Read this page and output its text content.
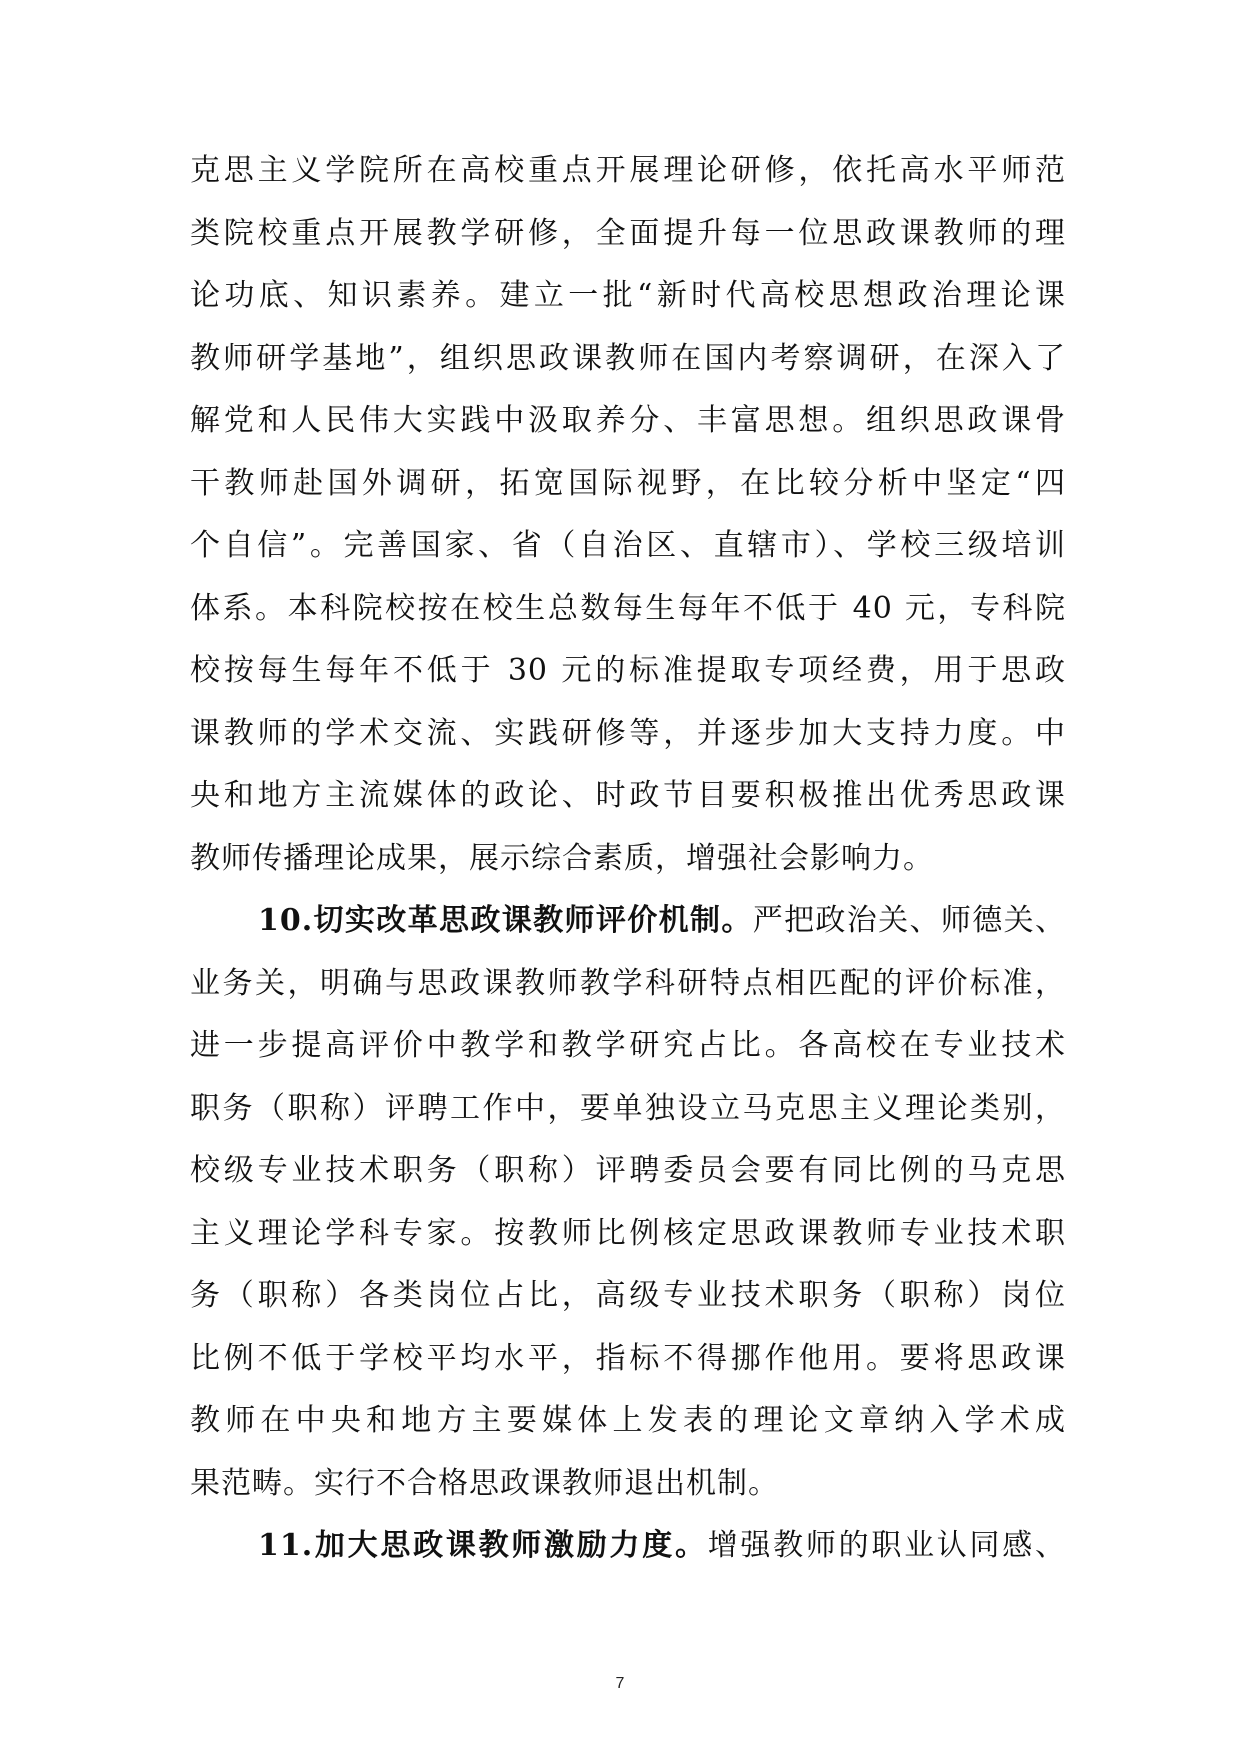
克思主义学院所在高校重点开展理论研修，依托高水平师范
类院校重点开展教学研修，全面提升每一位思政课教师的理
论功底、知识素养。建立一批“新时代高校思想政治理论课
教师研学基地”，组织思政课教师在国内考察调研，在深入了
解党和人民伟大实践中汲取养分、丰富思想。组织思政课骨
干教师赴国外调研，拓宽国际视野，在比较分析中坚定“四
个自信”。完善国家、省（自治区、直辖市）、学校三级培训
体系。本科院校按在校生总数每生每年不低于 40 元，专科院
校按每生每年不低于 30 元的标准提取专项经费，用于思政
课教师的学术交流、实践研修等，并逐步加大支持力度。中
央和地方主流媒体的政论、时政节目要积极推出优秀思政课
教师传播理论成果，展示综合素质，增强社会影响力。
10.切实改革思政课教师评价机制。严把政治关、师德关、
业务关，明确与思政课教师教学科研特点相匹配的评价标准，
进一步提高评价中教学和教学研究占比。各高校在专业技术
职务（职称）评聘工作中，要单独设立马克思主义理论类别，
校级专业技术职务（职称）评聘委员会要有同比例的马克思
主义理论学科专家。按教师比例核定思政课教师专业技术职
务（职称）各类岗位占比，高级专业技术职务（职称）岗位
比例不低于学校平均水平，指标不得挪作他用。要将思政课
教师在中央和地方主要媒体上发表的理论文章纳入学术成
果范畴。实行不合格思政课教师退出机制。
11.加大思政课教师激励力度。增强教师的职业认同感、
7
